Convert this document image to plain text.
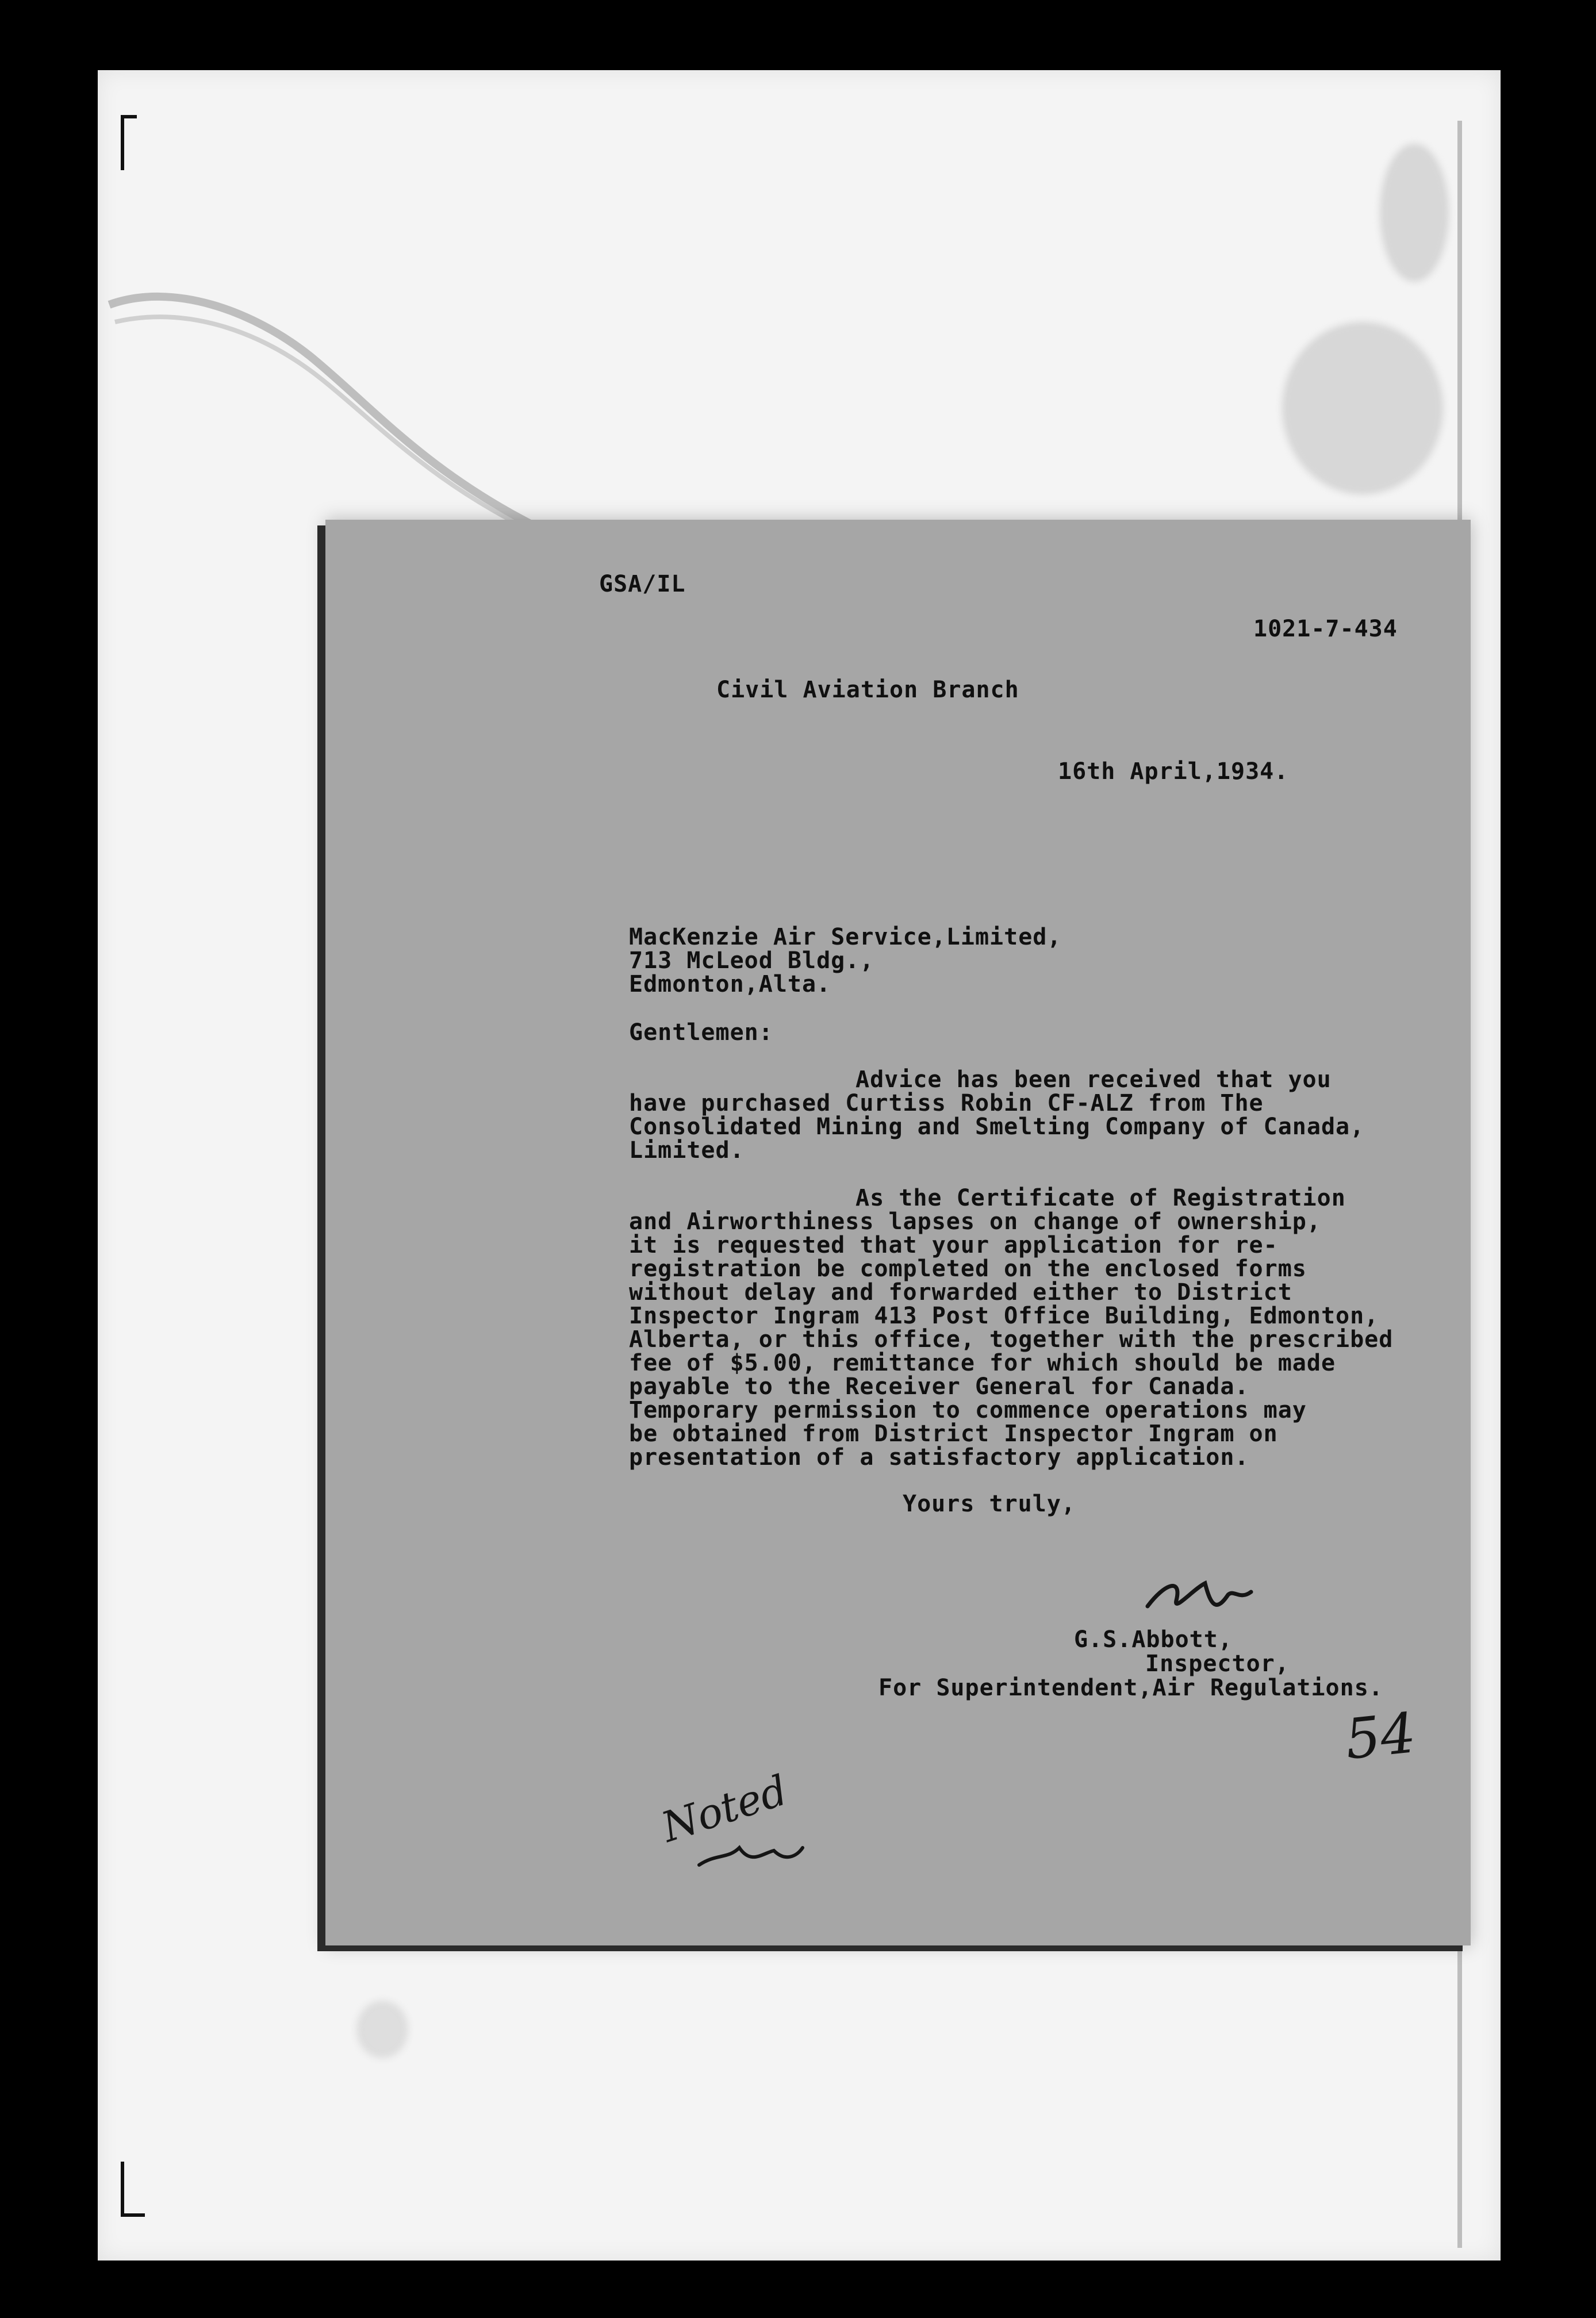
GSA/IL

1021-7-434

Civil Aviation Branch

16th April,1934.

MacKenzie Air Service,Limited,

713 McLeod Bldg.,

Edmonton,Alta.

Gentlemen:

Advice has been received that you

have purchased Curtiss Robin CF-ALZ from The

Consolidated Mining and Smelting Company of Canada,

Limited.

As the Certificate of Registration

and Airworthiness lapses on change of ownership,

it is requested that your application for re-

registration be completed on the enclosed forms

without delay and forwarded either to District

Inspector Ingram 413 Post Office Building, Edmonton,

Alberta, or this office, together with the prescribed

fee of $5.00, remittance for which should be made

payable to the Receiver General for Canada.

Temporary permission to commence operations may

be obtained from District Inspector Ingram on

presentation of a satisfactory application.

Yours truly,

G.S.Abbott,

Inspector,

For Superintendent,Air Regulations.

54
Noted
